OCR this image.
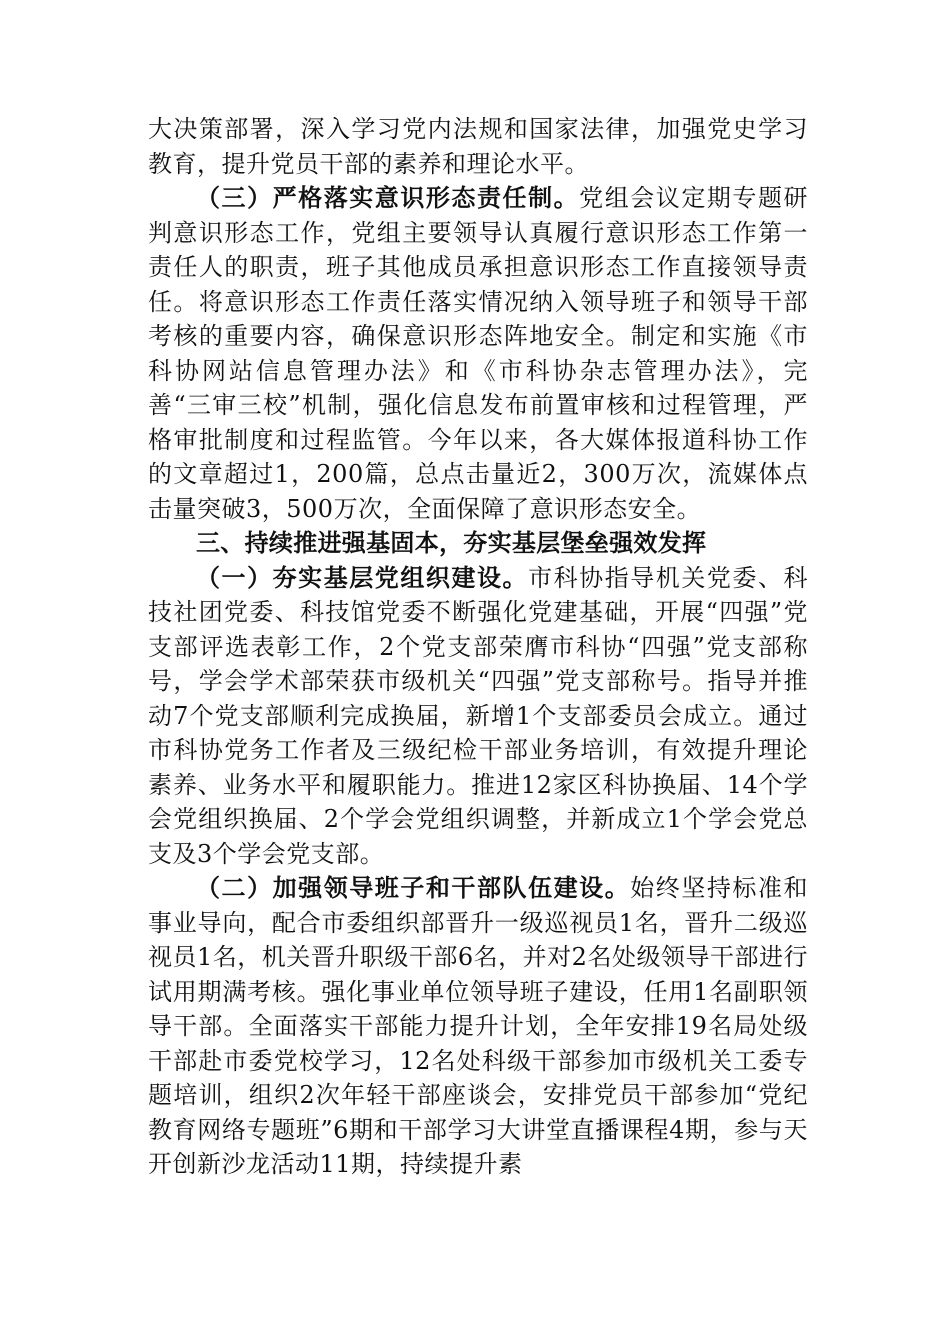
大决策部署，深入学习党内法规和国家法律，加强党史学习教育，提升党员干部的素养和理论水平。

（三）严格落实意识形态责任制。党组会议定期专题研判意识形态工作，党组主要领导认真履行意识形态工作第一责任人的职责，班子其他成员承担意识形态工作直接领导责任。将意识形态工作责任落实情况纳入领导班子和领导干部考核的重要内容，确保意识形态阵地安全。制定和实施《市科协网站信息管理办法》和《市科协杂志管理办法》，完善“三审三校”机制，强化信息发布前置审核和过程管理，严格审批制度和过程监管。今年以来，各大媒体报道科协工作的文章超过1，200篇，总点击量近2，300万次，流媒体点击量突破3，500万次，全面保障了意识形态安全。

三、持续推进强基固本，夯实基层堡垒强效发挥

（一）夯实基层党组织建设。市科协指导机关党委、科技社团党委、科技馆党委不断强化党建基础，开展“四强”党支部评选表彰工作，2个党支部荣膺市科协“四强”党支部称号，学会学术部荣获市级机关“四强”党支部称号。指导并推动7个党支部顺利完成换届，新增1个支部委员会成立。通过市科协党务工作者及三级纪检干部业务培训，有效提升理论素养、业务水平和履职能力。推进12家区科协换届、14个学会党组织换届、2个学会党组织调整，并新成立1个学会党总支及3个学会党支部。

（二）加强领导班子和干部队伍建设。始终坚持标准和事业导向，配合市委组织部晋升一级巡视员1名，晋升二级巡视员1名，机关晋升职级干部6名，并对2名处级领导干部进行试用期满考核。强化事业单位领导班子建设，任用1名副职领导干部。全面落实干部能力提升计划，全年安排19名局处级干部赴市委党校学习，12名处科级干部参加市级机关工委专题培训，组织2次年轻干部座谈会，安排党员干部参加“党纪教育网络专题班”6期和干部学习大讲堂直播课程4期，参与天开创新沙龙活动11期，持续提升素
